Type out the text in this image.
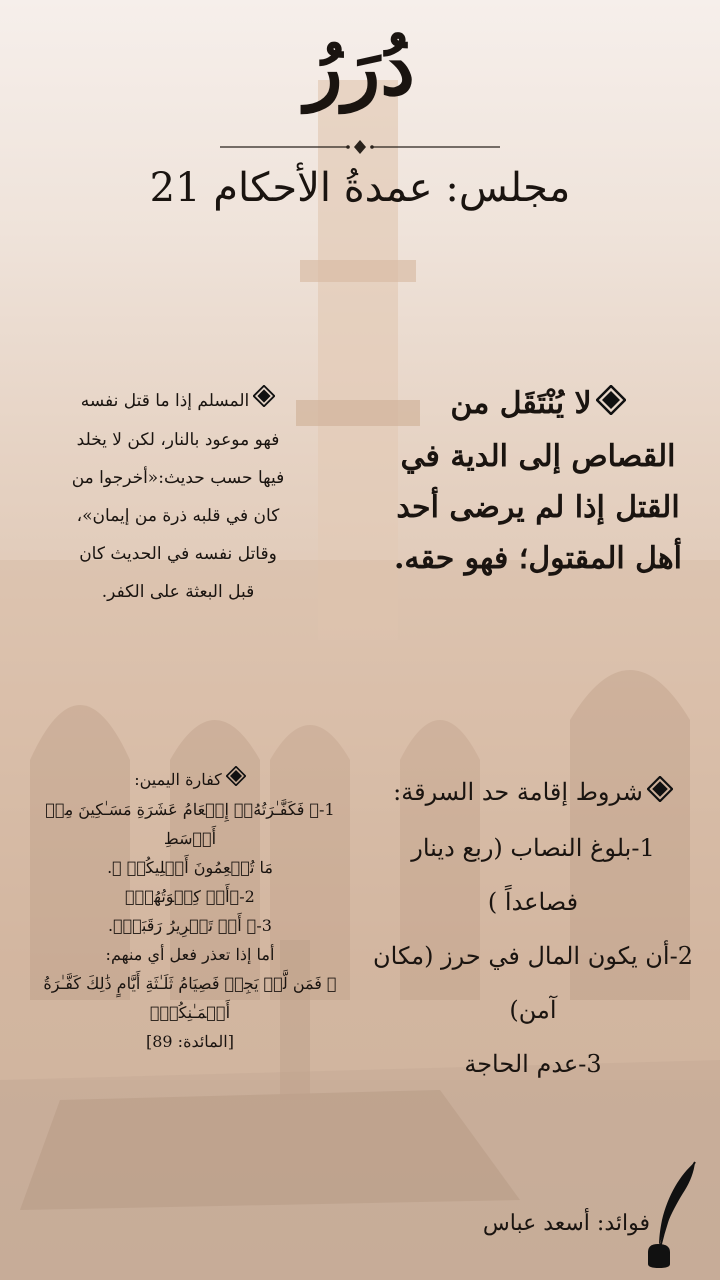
دُرَرُ
مجلس: عمدةُ الأحكام 21
لا يُنْتَقَل من
القصاص إلى الدية في
القتل إذا لم يرضى أحد
أهل المقتول؛ فهو حقه.
المسلم إذا ما قتل نفسه
فهو موعود بالنار، لكن لا يخلد
فيها حسب حديث:«أخرجوا من
كان في قلبه ذرة من إيمان»،
وقاتل نفسه في الحديث كان
قبل البعثة على الكفر.
شروط إقامة حد السرقة:
1-بلوغ النصاب (ربع دينار
فصاعداً )
2-أن يكون المال في حرز (مكان
آمن)
3-عدم الحاجة
كفارة اليمين:
1-﴿ فَكَفَّـٰرَتُهُۥٓ إِطۡعَامُ عَشَرَةِ مَسَـٰكِينَ مِنۡ أَوۡسَطِ
مَا تُطۡعِمُونَ أَهۡلِيكُمۡ ﴾.
2-﴿أَوۡ كِسۡوَتُهُمۡ﴾
3-﴿ أَوۡ تَحۡرِيرُ رَقَبَةٖ﴾.
أما إذا تعذر فعل أي منهم:
﴿ فَمَن لَّمۡ يَجِدۡ فَصِيَامُ ثَلَـٰثَةِ أَيَّامٍ ذَٰلِكَ كَفَّـٰرَةُ
أَيۡمَـٰنِكُمۡ﴾
[المائدة: 89]
فوائد: أسعد عباس
